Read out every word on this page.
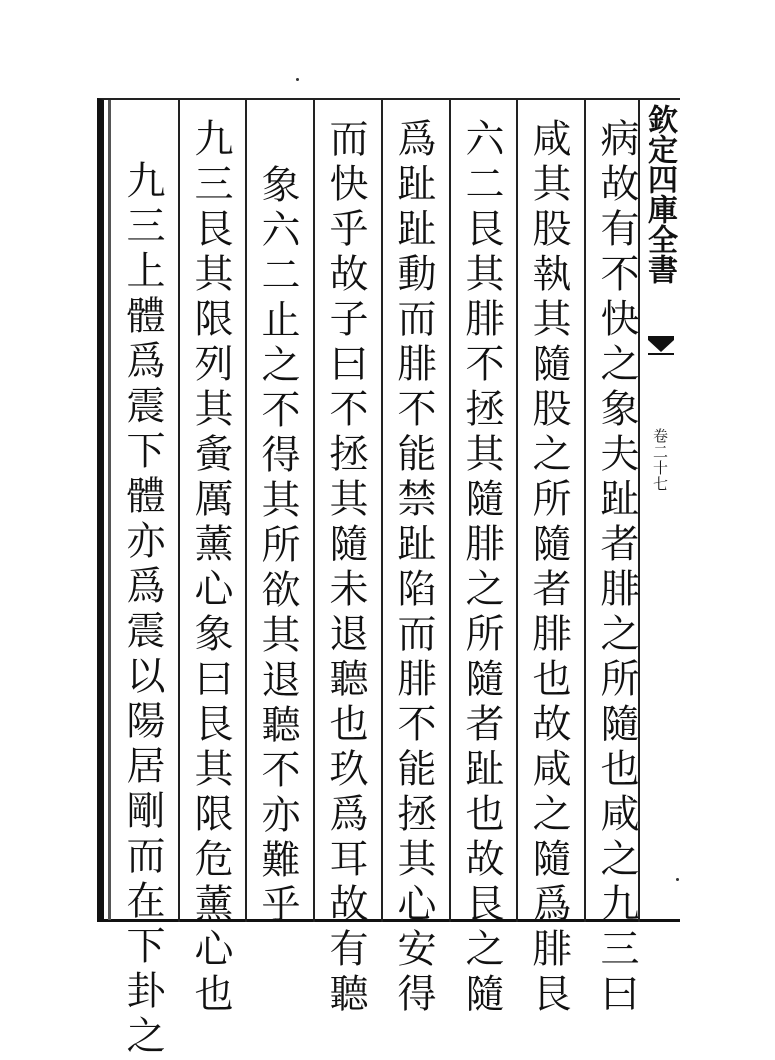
欽定四庫全書
卷二十七
病故有不快之象夫趾者腓之所隨也咸之九三曰
咸其股執其隨股之所隨者腓也故咸之隨爲腓艮
六二艮其腓不拯其隨腓之所隨者趾也故艮之隨
爲趾趾動而腓不能禁趾陷而腓不能拯其心安得
而快乎故子曰不拯其隨未退聽也玖爲耳故有聽
象六二止之不得其所欲其退聽不亦難乎
九三艮其限列其夤厲薰心象曰艮其限危薰心也
九三上體爲震下體亦爲震以陽居剛而在下卦之
